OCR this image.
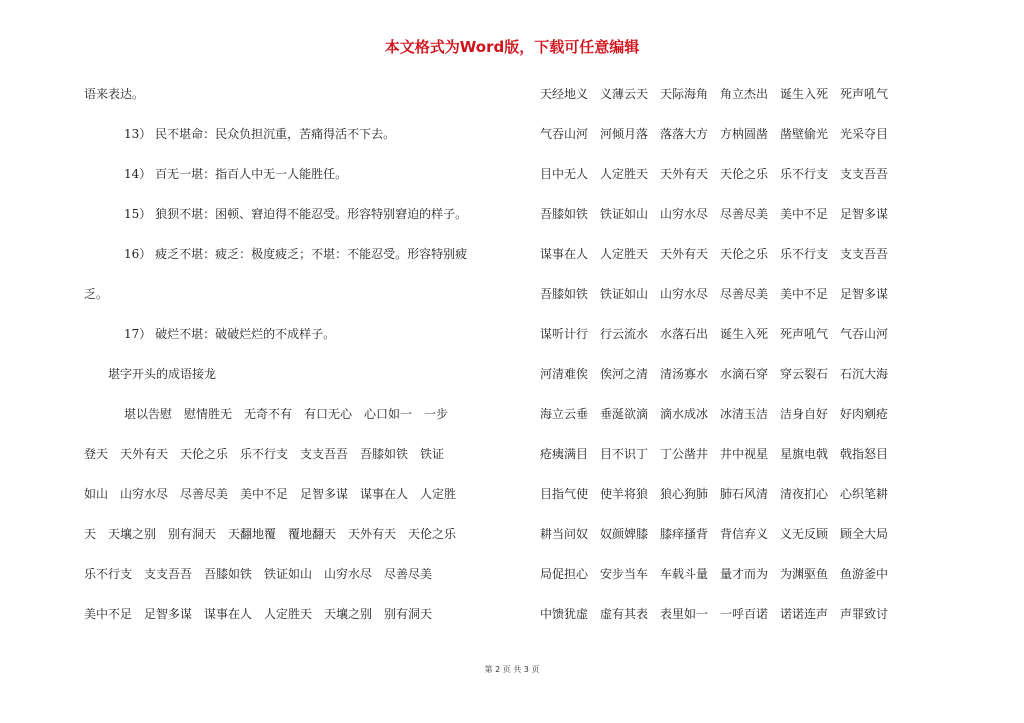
本文格式为Word版，下载可任意编辑
语来表达。
13） 民不堪命：民众负担沉重，苦痛得活不下去。
14） 百无一堪：指百人中无一人能胜任。
15） 狼狈不堪：困顿、窘迫得不能忍受。形容特别窘迫的样子。
16） 疲乏不堪：疲乏：极度疲乏；不堪：不能忍受。形容特别疲
乏。
17） 破烂不堪：破破烂烂的不成样子。
堪字开头的成语接龙
堪以告慰　慰情胜无　无奇不有　有口无心　心口如一　一步
登天　天外有天　天伦之乐　乐不行支　支支吾吾　吾膝如铁　铁证
如山　山穷水尽　尽善尽美　美中不足　足智多谋　谋事在人　人定胜
天　天壤之别　别有洞天　天翻地覆　覆地翻天　天外有天　天伦之乐
乐不行支　支支吾吾　吾膝如铁　铁证如山　山穷水尽　尽善尽美
美中不足　足智多谋　谋事在人　人定胜天　天壤之别　别有洞天
天经地义　义薄云天　天际海角　角立杰出　诞生入死　死声吼气
气吞山河　河倾月落　落落大方　方枘圆凿　凿壁偷光　光采夺目
目中无人　人定胜天　天外有天　天伦之乐　乐不行支　支支吾吾
吾膝如铁　铁证如山　山穷水尽　尽善尽美　美中不足　足智多谋
谋事在人　人定胜天　天外有天　天伦之乐　乐不行支　支支吾吾
吾膝如铁　铁证如山　山穷水尽　尽善尽美　美中不足　足智多谋
谋听计行　行云流水　水落石出　诞生入死　死声吼气　气吞山河
河清难俟　俟河之清　清汤寡水　水滴石穿　穿云裂石　石沉大海
海立云垂　垂涎欲滴　滴水成冰　冰清玉洁　洁身自好　好肉剜疮
疮痍满目　目不识丁　丁公凿井　井中视星　星旗电戟　戟指怒目
目指气使　使羊将狼　狼心狗肺　肺石风清　清夜扪心　心织笔耕
耕当问奴　奴颜婢膝　膝痒搔背　背信弃义　义无反顾　顾全大局
局促担心　安步当车　车载斗量　量才而为　为渊驱鱼　鱼游釜中
中馈犹虚　虚有其表　表里如一　一呼百诺　诺诺连声　声罪致讨
第 2 页 共 3 页
